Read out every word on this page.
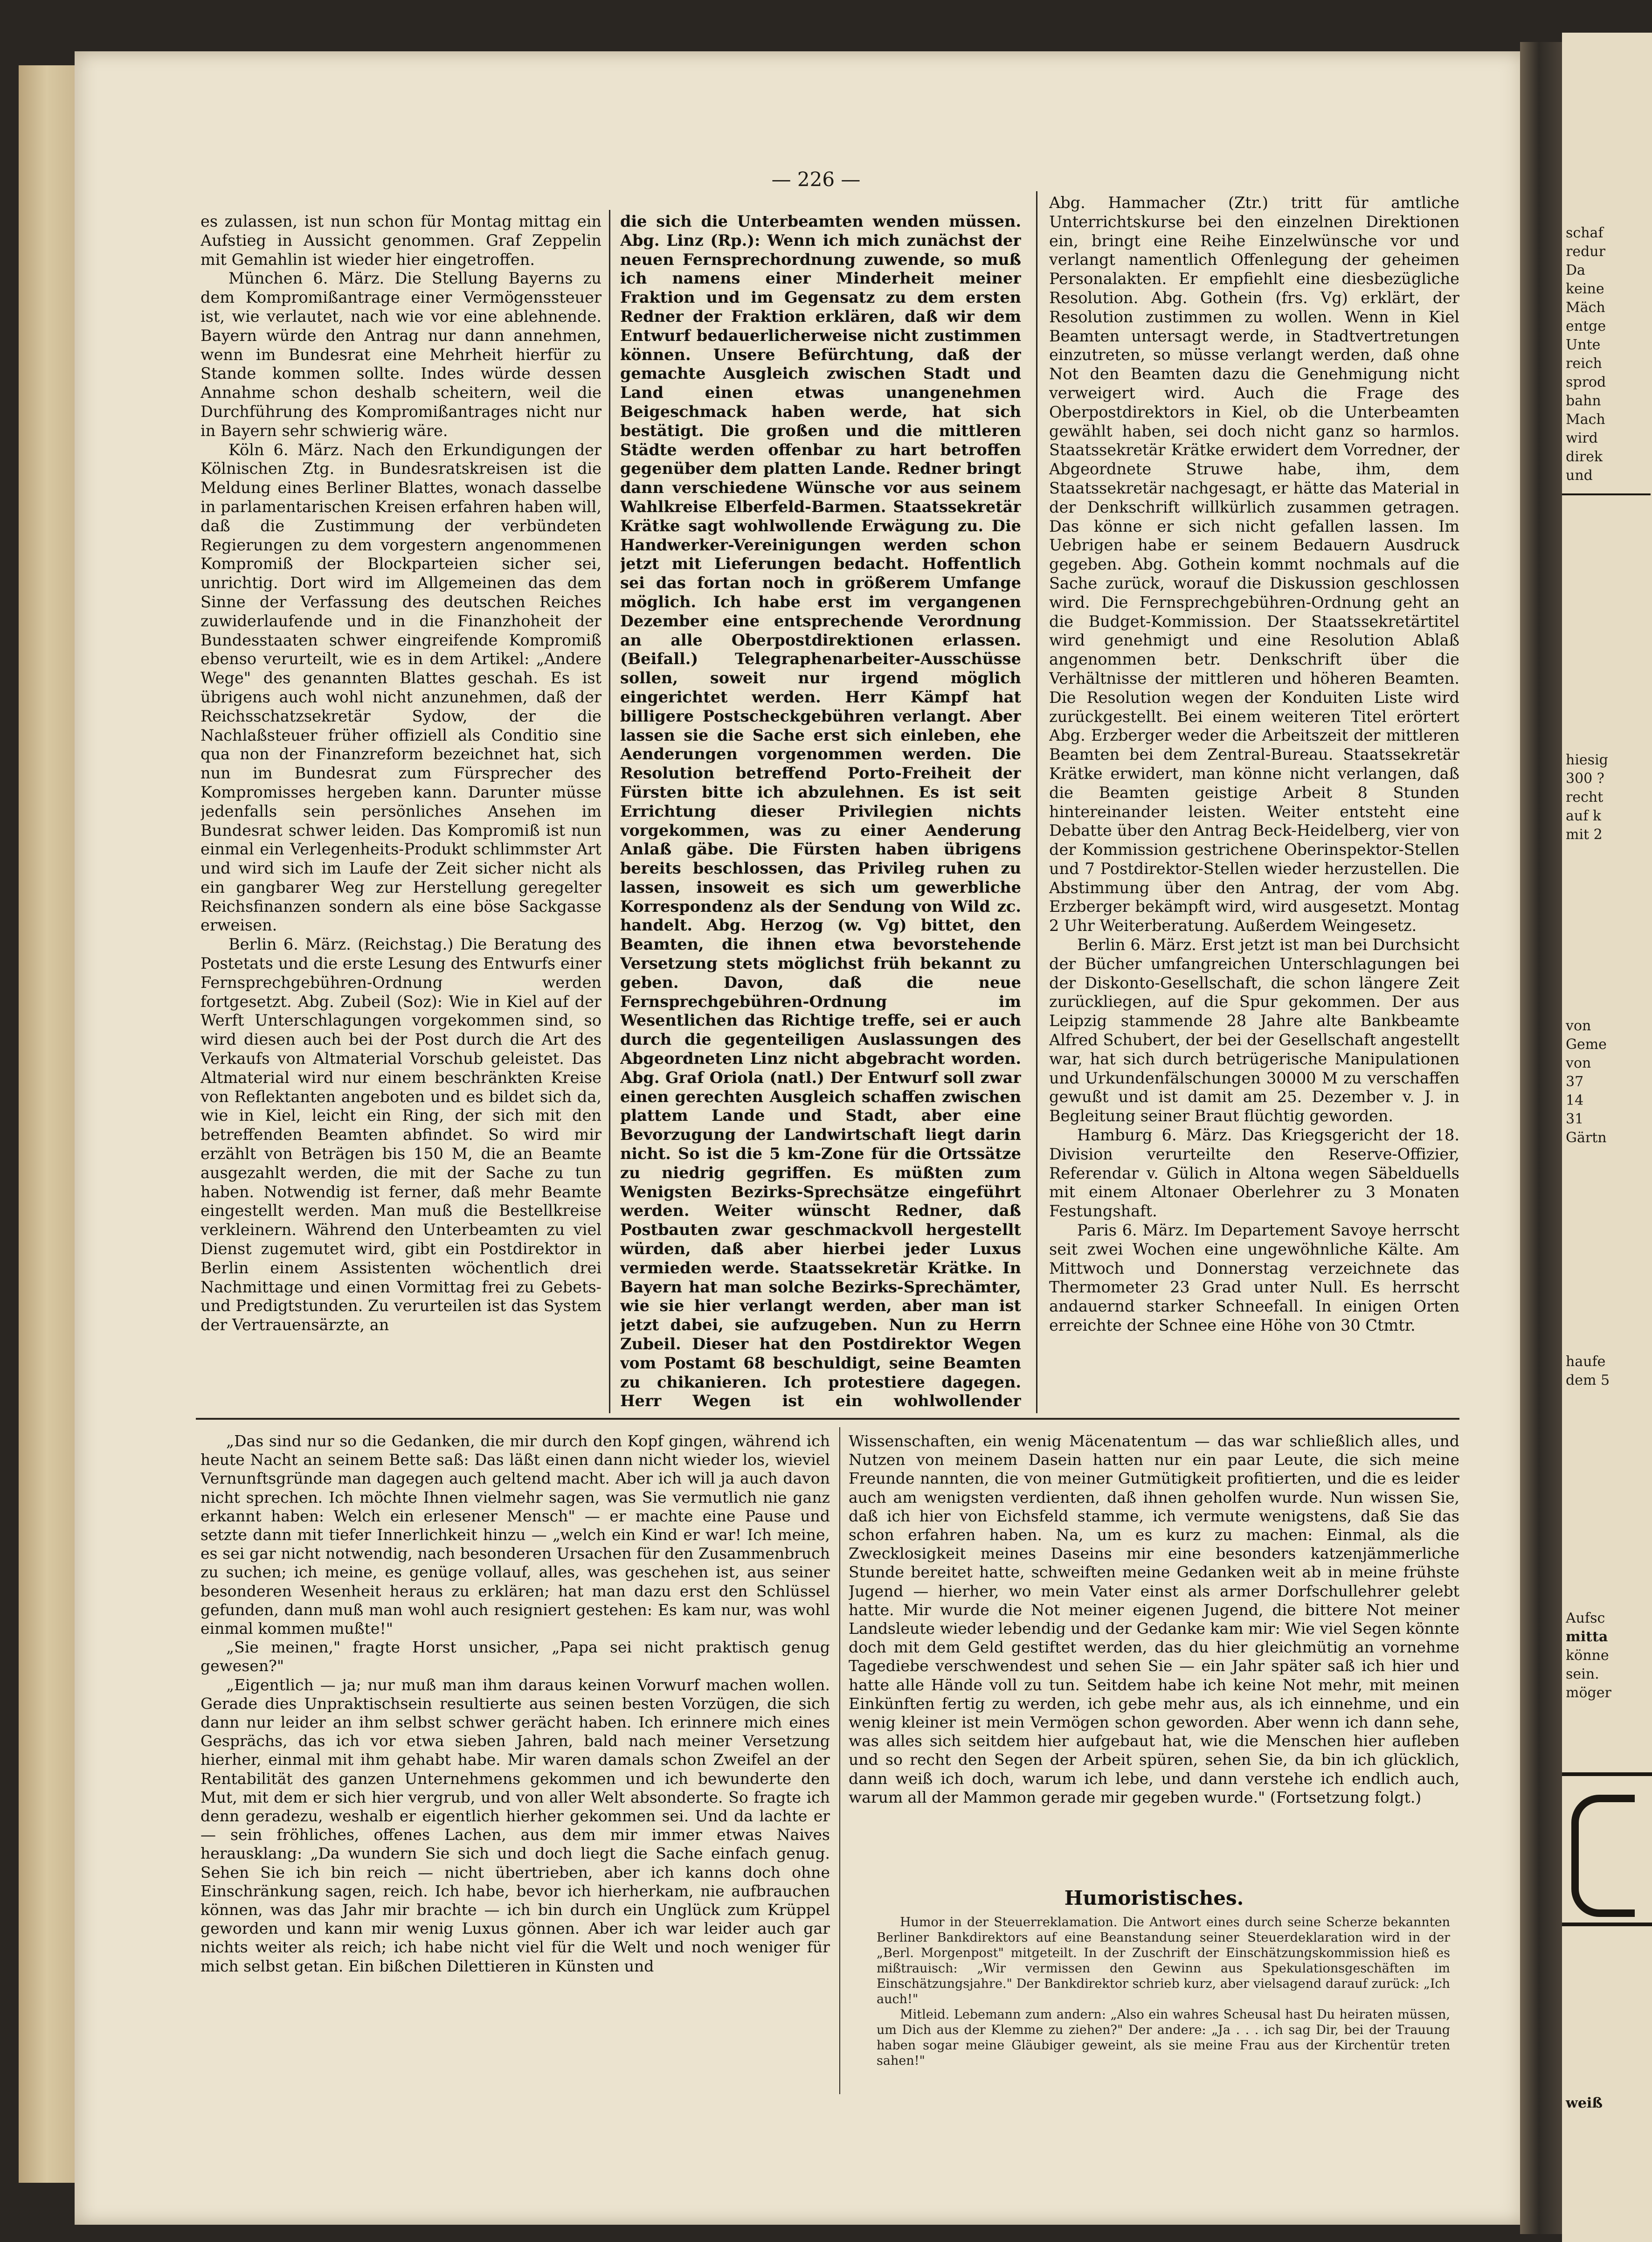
— 226 —

es zulassen, ist nun schon für Montag mittag ein Aufstieg in Aussicht genommen. Graf Zeppelin mit Gemahlin ist wieder hier eingetroffen.

München 6. März. Die Stellung Bayerns zu dem Kompromißantrage einer Vermögenssteuer ist, wie verlautet, nach wie vor eine ablehnende. Bayern würde den Antrag nur dann annehmen, wenn im Bundesrat eine Mehrheit hierfür zu Stande kommen sollte. Indes würde dessen Annahme schon deshalb scheitern, weil die Durchführung des Kompromißantrages nicht nur in Bayern sehr schwierig wäre.

Köln 6. März. Nach den Erkundigungen der Kölnischen Ztg. in Bundesratskreisen ist die Meldung eines Berliner Blattes, wonach dasselbe in parlamentarischen Kreisen erfahren haben will, daß die Zustimmung der verbündeten Regierungen zu dem vorgestern angenommenen Kompromiß der Blockparteien sicher sei, unrichtig. Dort wird im Allgemeinen das dem Sinne der Verfassung des deutschen Reiches zuwiderlaufende und in die Finanzhoheit der Bundesstaaten schwer eingreifende Kompromiß ebenso verurteilt, wie es in dem Artikel: „Andere Wege" des genannten Blattes geschah. Es ist übrigens auch wohl nicht anzunehmen, daß der Reichsschatzsekretär Sydow, der die Nachlaßsteuer früher offiziell als Conditio sine qua non der Finanzreform bezeichnet hat, sich nun im Bundesrat zum Fürsprecher des Kompromisses hergeben kann. Darunter müsse jedenfalls sein persönliches Ansehen im Bundesrat schwer leiden. Das Kompromiß ist nun einmal ein Verlegenheits-Produkt schlimmster Art und wird sich im Laufe der Zeit sicher nicht als ein gangbarer Weg zur Herstellung geregelter Reichsfinanzen sondern als eine böse Sackgasse erweisen.

Berlin 6. März. (Reichstag.) Die Beratung des Postetats und die erste Lesung des Entwurfs einer Fernsprechgebühren-Ordnung werden fortgesetzt. Abg. Zubeil (Soz): Wie in Kiel auf der Werft Unterschlagungen vorgekommen sind, so wird diesen auch bei der Post durch die Art des Verkaufs von Altmaterial Vorschub geleistet. Das Altmaterial wird nur einem beschränkten Kreise von Reflektanten angeboten und es bildet sich da, wie in Kiel, leicht ein Ring, der sich mit den betreffenden Beamten abfindet. So wird mir erzählt von Beträgen bis 150 M, die an Beamte ausgezahlt werden, die mit der Sache zu tun haben. Notwendig ist ferner, daß mehr Beamte eingestellt werden. Man muß die Bestellkreise verkleinern. Während den Unterbeamten zu viel Dienst zugemutet wird, gibt ein Postdirektor in Berlin einem Assistenten wöchentlich drei Nachmittage und einen Vormittag frei zu Gebets- und Predigtstunden. Zu verurteilen ist das System der Vertrauensärzte, an

die sich die Unterbeamten wenden müssen. Abg. Linz (Rp.): Wenn ich mich zunächst der neuen Fernsprechordnung zuwende, so muß ich namens einer Minderheit meiner Fraktion und im Gegensatz zu dem ersten Redner der Fraktion erklären, daß wir dem Entwurf bedauerlicherweise nicht zustimmen können. Unsere Befürchtung, daß der gemachte Ausgleich zwischen Stadt und Land einen etwas unangenehmen Beigeschmack haben werde, hat sich bestätigt. Die großen und die mittleren Städte werden offenbar zu hart betroffen gegenüber dem platten Lande. Redner bringt dann verschiedene Wünsche vor aus seinem Wahlkreise Elberfeld-Barmen. Staatssekretär Krätke sagt wohlwollende Erwägung zu. Die Handwerker-Vereinigungen werden schon jetzt mit Lieferungen bedacht. Hoffentlich sei das fortan noch in größerem Umfange möglich. Ich habe erst im vergangenen Dezember eine entsprechende Verordnung an alle Oberpostdirektionen erlassen. (Beifall.) Telegraphenarbeiter-Ausschüsse sollen, soweit nur irgend möglich eingerichtet werden. Herr Kämpf hat billigere Postscheckgebühren verlangt. Aber lassen sie die Sache erst sich einleben, ehe Aenderungen vorgenommen werden. Die Resolution betreffend Porto-Freiheit der Fürsten bitte ich abzulehnen. Es ist seit Errichtung dieser Privilegien nichts vorgekommen, was zu einer Aenderung Anlaß gäbe. Die Fürsten haben übrigens bereits beschlossen, das Privileg ruhen zu lassen, insoweit es sich um gewerbliche Korrespondenz als der Sendung von Wild zc. handelt. Abg. Herzog (w. Vg) bittet, den Beamten, die ihnen etwa bevorstehende Versetzung stets möglichst früh bekannt zu geben. Davon, daß die neue Fernsprechgebühren-Ordnung im Wesentlichen das Richtige treffe, sei er auch durch die gegenteiligen Auslassungen des Abgeordneten Linz nicht abgebracht worden. Abg. Graf Oriola (natl.) Der Entwurf soll zwar einen gerechten Ausgleich schaffen zwischen plattem Lande und Stadt, aber eine Bevorzugung der Landwirtschaft liegt darin nicht. So ist die 5 km-Zone für die Ortssätze zu niedrig gegriffen. Es müßten zum Wenigsten Bezirks-Sprechsätze eingeführt werden. Weiter wünscht Redner, daß Postbauten zwar geschmackvoll hergestellt würden, daß aber hierbei jeder Luxus vermieden werde. Staatssekretär Krätke. In Bayern hat man solche Bezirks-Sprechämter, wie sie hier verlangt werden, aber man ist jetzt dabei, sie aufzugeben. Nun zu Herrn Zubeil. Dieser hat den Postdirektor Wegen vom Postamt 68 beschuldigt, seine Beamten zu chikanieren. Ich protestiere dagegen. Herr Wegen ist ein wohlwollender

Abg. Hammacher (Ztr.) tritt für amtliche Unterrichtskurse bei den einzelnen Direktionen ein, bringt eine Reihe Einzelwünsche vor und verlangt namentlich Offenlegung der geheimen Personalakten. Er empfiehlt eine diesbezügliche Resolution. Abg. Gothein (frs. Vg) erklärt, der Resolution zustimmen zu wollen. Wenn in Kiel Beamten untersagt werde, in Stadtvertretungen einzutreten, so müsse verlangt werden, daß ohne Not den Beamten dazu die Genehmigung nicht verweigert wird. Auch die Frage des Oberpostdirektors in Kiel, ob die Unterbeamten gewählt haben, sei doch nicht ganz so harmlos. Staatssekretär Krätke erwidert dem Vorredner, der Abgeordnete Struwe habe, ihm, dem Staatssekretär nachgesagt, er hätte das Material in der Denkschrift willkürlich zusammen getragen. Das könne er sich nicht gefallen lassen. Im Uebrigen habe er seinem Bedauern Ausdruck gegeben. Abg. Gothein kommt nochmals auf die Sache zurück, worauf die Diskussion geschlossen wird. Die Fernsprechgebühren-Ordnung geht an die Budget-Kommission. Der Staatssekretärtitel wird genehmigt und eine Resolution Ablaß angenommen betr. Denkschrift über die Verhältnisse der mittleren und höheren Beamten. Die Resolution wegen der Konduiten Liste wird zurückgestellt. Bei einem weiteren Titel erörtert Abg. Erzberger weder die Arbeitszeit der mittleren Beamten bei dem Zentral-Bureau. Staatssekretär Krätke erwidert, man könne nicht verlangen, daß die Beamten geistige Arbeit 8 Stunden hintereinander leisten. Weiter entsteht eine Debatte über den Antrag Beck-Heidelberg, vier von der Kommission gestrichene Oberinspektor-Stellen und 7 Postdirektor-Stellen wieder herzustellen. Die Abstimmung über den Antrag, der vom Abg. Erzberger bekämpft wird, wird ausgesetzt. Montag 2 Uhr Weiterberatung. Außerdem Weingesetz.

Berlin 6. März. Erst jetzt ist man bei Durchsicht der Bücher umfangreichen Unterschlagungen bei der Diskonto-Gesellschaft, die schon längere Zeit zurückliegen, auf die Spur gekommen. Der aus Leipzig stammende 28 Jahre alte Bankbeamte Alfred Schubert, der bei der Gesellschaft angestellt war, hat sich durch betrügerische Manipulationen und Urkundenfälschungen 30000 M zu verschaffen gewußt und ist damit am 25. Dezember v. J. in Begleitung seiner Braut flüchtig geworden.

Hamburg 6. März. Das Kriegsgericht der 18. Division verurteilte den Reserve-Offizier, Referendar v. Gülich in Altona wegen Säbelduells mit einem Altonaer Oberlehrer zu 3 Monaten Festungshaft.

Paris 6. März. Im Departement Savoye herrscht seit zwei Wochen eine ungewöhnliche Kälte. Am Mittwoch und Donnerstag verzeichnete das Thermometer 23 Grad unter Null. Es herrscht andauernd starker Schneefall. In einigen Orten erreichte der Schnee eine Höhe von 30 Ctmtr.

„Das sind nur so die Gedanken, die mir durch den Kopf gingen, während ich heute Nacht an seinem Bette saß: Das läßt einen dann nicht wieder los, wieviel Vernunftsgründe man dagegen auch geltend macht. Aber ich will ja auch davon nicht sprechen. Ich möchte Ihnen vielmehr sagen, was Sie vermutlich nie ganz erkannt haben: Welch ein erlesener Mensch" — er machte eine Pause und setzte dann mit tiefer Innerlichkeit hinzu — „welch ein Kind er war! Ich meine, es sei gar nicht notwendig, nach besonderen Ursachen für den Zusammenbruch zu suchen; ich meine, es genüge vollauf, alles, was geschehen ist, aus seiner besonderen Wesenheit heraus zu erklären; hat man dazu erst den Schlüssel gefunden, dann muß man wohl auch resigniert gestehen: Es kam nur, was wohl einmal kommen mußte!"

„Sie meinen," fragte Horst unsicher, „Papa sei nicht praktisch genug gewesen?"

„Eigentlich — ja; nur muß man ihm daraus keinen Vorwurf machen wollen. Gerade dies Unpraktischsein resultierte aus seinen besten Vorzügen, die sich dann nur leider an ihm selbst schwer gerächt haben. Ich erinnere mich eines Gesprächs, das ich vor etwa sieben Jahren, bald nach meiner Versetzung hierher, einmal mit ihm gehabt habe. Mir waren damals schon Zweifel an der Rentabilität des ganzen Unternehmens gekommen und ich bewunderte den Mut, mit dem er sich hier vergrub, und von aller Welt absonderte. So fragte ich denn geradezu, weshalb er eigentlich hierher gekommen sei. Und da lachte er — sein fröhliches, offenes Lachen, aus dem mir immer etwas Naives herausklang: „Da wundern Sie sich und doch liegt die Sache einfach genug. Sehen Sie ich bin reich — nicht übertrieben, aber ich kanns doch ohne Einschränkung sagen, reich. Ich habe, bevor ich hierherkam, nie aufbrauchen können, was das Jahr mir brachte — ich bin durch ein Unglück zum Krüppel geworden und kann mir wenig Luxus gönnen. Aber ich war leider auch gar nichts weiter als reich; ich habe nicht viel für die Welt und noch weniger für mich selbst getan. Ein bißchen Dilettieren in Künsten und

Wissenschaften, ein wenig Mäcenatentum — das war schließlich alles, und Nutzen von meinem Dasein hatten nur ein paar Leute, die sich meine Freunde nannten, die von meiner Gutmütigkeit profitierten, und die es leider auch am wenigsten verdienten, daß ihnen geholfen wurde. Nun wissen Sie, daß ich hier von Eichsfeld stamme, ich vermute wenigstens, daß Sie das schon erfahren haben. Na, um es kurz zu machen: Einmal, als die Zwecklosigkeit meines Daseins mir eine besonders katzenjämmerliche Stunde bereitet hatte, schweiften meine Gedanken weit ab in meine frühste Jugend — hierher, wo mein Vater einst als armer Dorfschullehrer gelebt hatte. Mir wurde die Not meiner eigenen Jugend, die bittere Not meiner Landsleute wieder lebendig und der Gedanke kam mir: Wie viel Segen könnte doch mit dem Geld gestiftet werden, das du hier gleichmütig an vornehme Tagediebe verschwendest und sehen Sie — ein Jahr später saß ich hier und hatte alle Hände voll zu tun. Seitdem habe ich keine Not mehr, mit meinen Einkünften fertig zu werden, ich gebe mehr aus, als ich einnehme, und ein wenig kleiner ist mein Vermögen schon geworden. Aber wenn ich dann sehe, was alles sich seitdem hier aufgebaut hat, wie die Menschen hier aufleben und so recht den Segen der Arbeit spüren, sehen Sie, da bin ich glücklich, dann weiß ich doch, warum ich lebe, und dann verstehe ich endlich auch, warum all der Mammon gerade mir gegeben wurde." (Fortsetzung folgt.)

Humoristisches.

Humor in der Steuerreklamation. Die Antwort eines durch seine Scherze bekannten Berliner Bankdirektors auf eine Beanstandung seiner Steuerdeklaration wird in der „Berl. Morgenpost" mitgeteilt. In der Zuschrift der Einschätzungskommission hieß es mißtrauisch: „Wir vermissen den Gewinn aus Spekulationsgeschäften im Einschätzungsjahre." Der Bankdirektor schrieb kurz, aber vielsagend darauf zurück: „Ich auch!"

Mitleid. Lebemann zum andern: „Also ein wahres Scheusal hast Du heiraten müssen, um Dich aus der Klemme zu ziehen?" Der andere: „Ja . . . ich sag Dir, bei der Trauung haben sogar meine Gläubiger geweint, als sie meine Frau aus der Kirchentür treten sahen!"

schaf
redur
Da
keine
Mäch
entge
Unte
reich
sprod
bahn
Mach
wird
direk
und
hiesig
300 ?
recht
auf k
mit 2
von
Geme
von
37
14
31
Gärtn
haufe
dem 5
Aufsc
mitta
könne
sein.
möger
weiß
